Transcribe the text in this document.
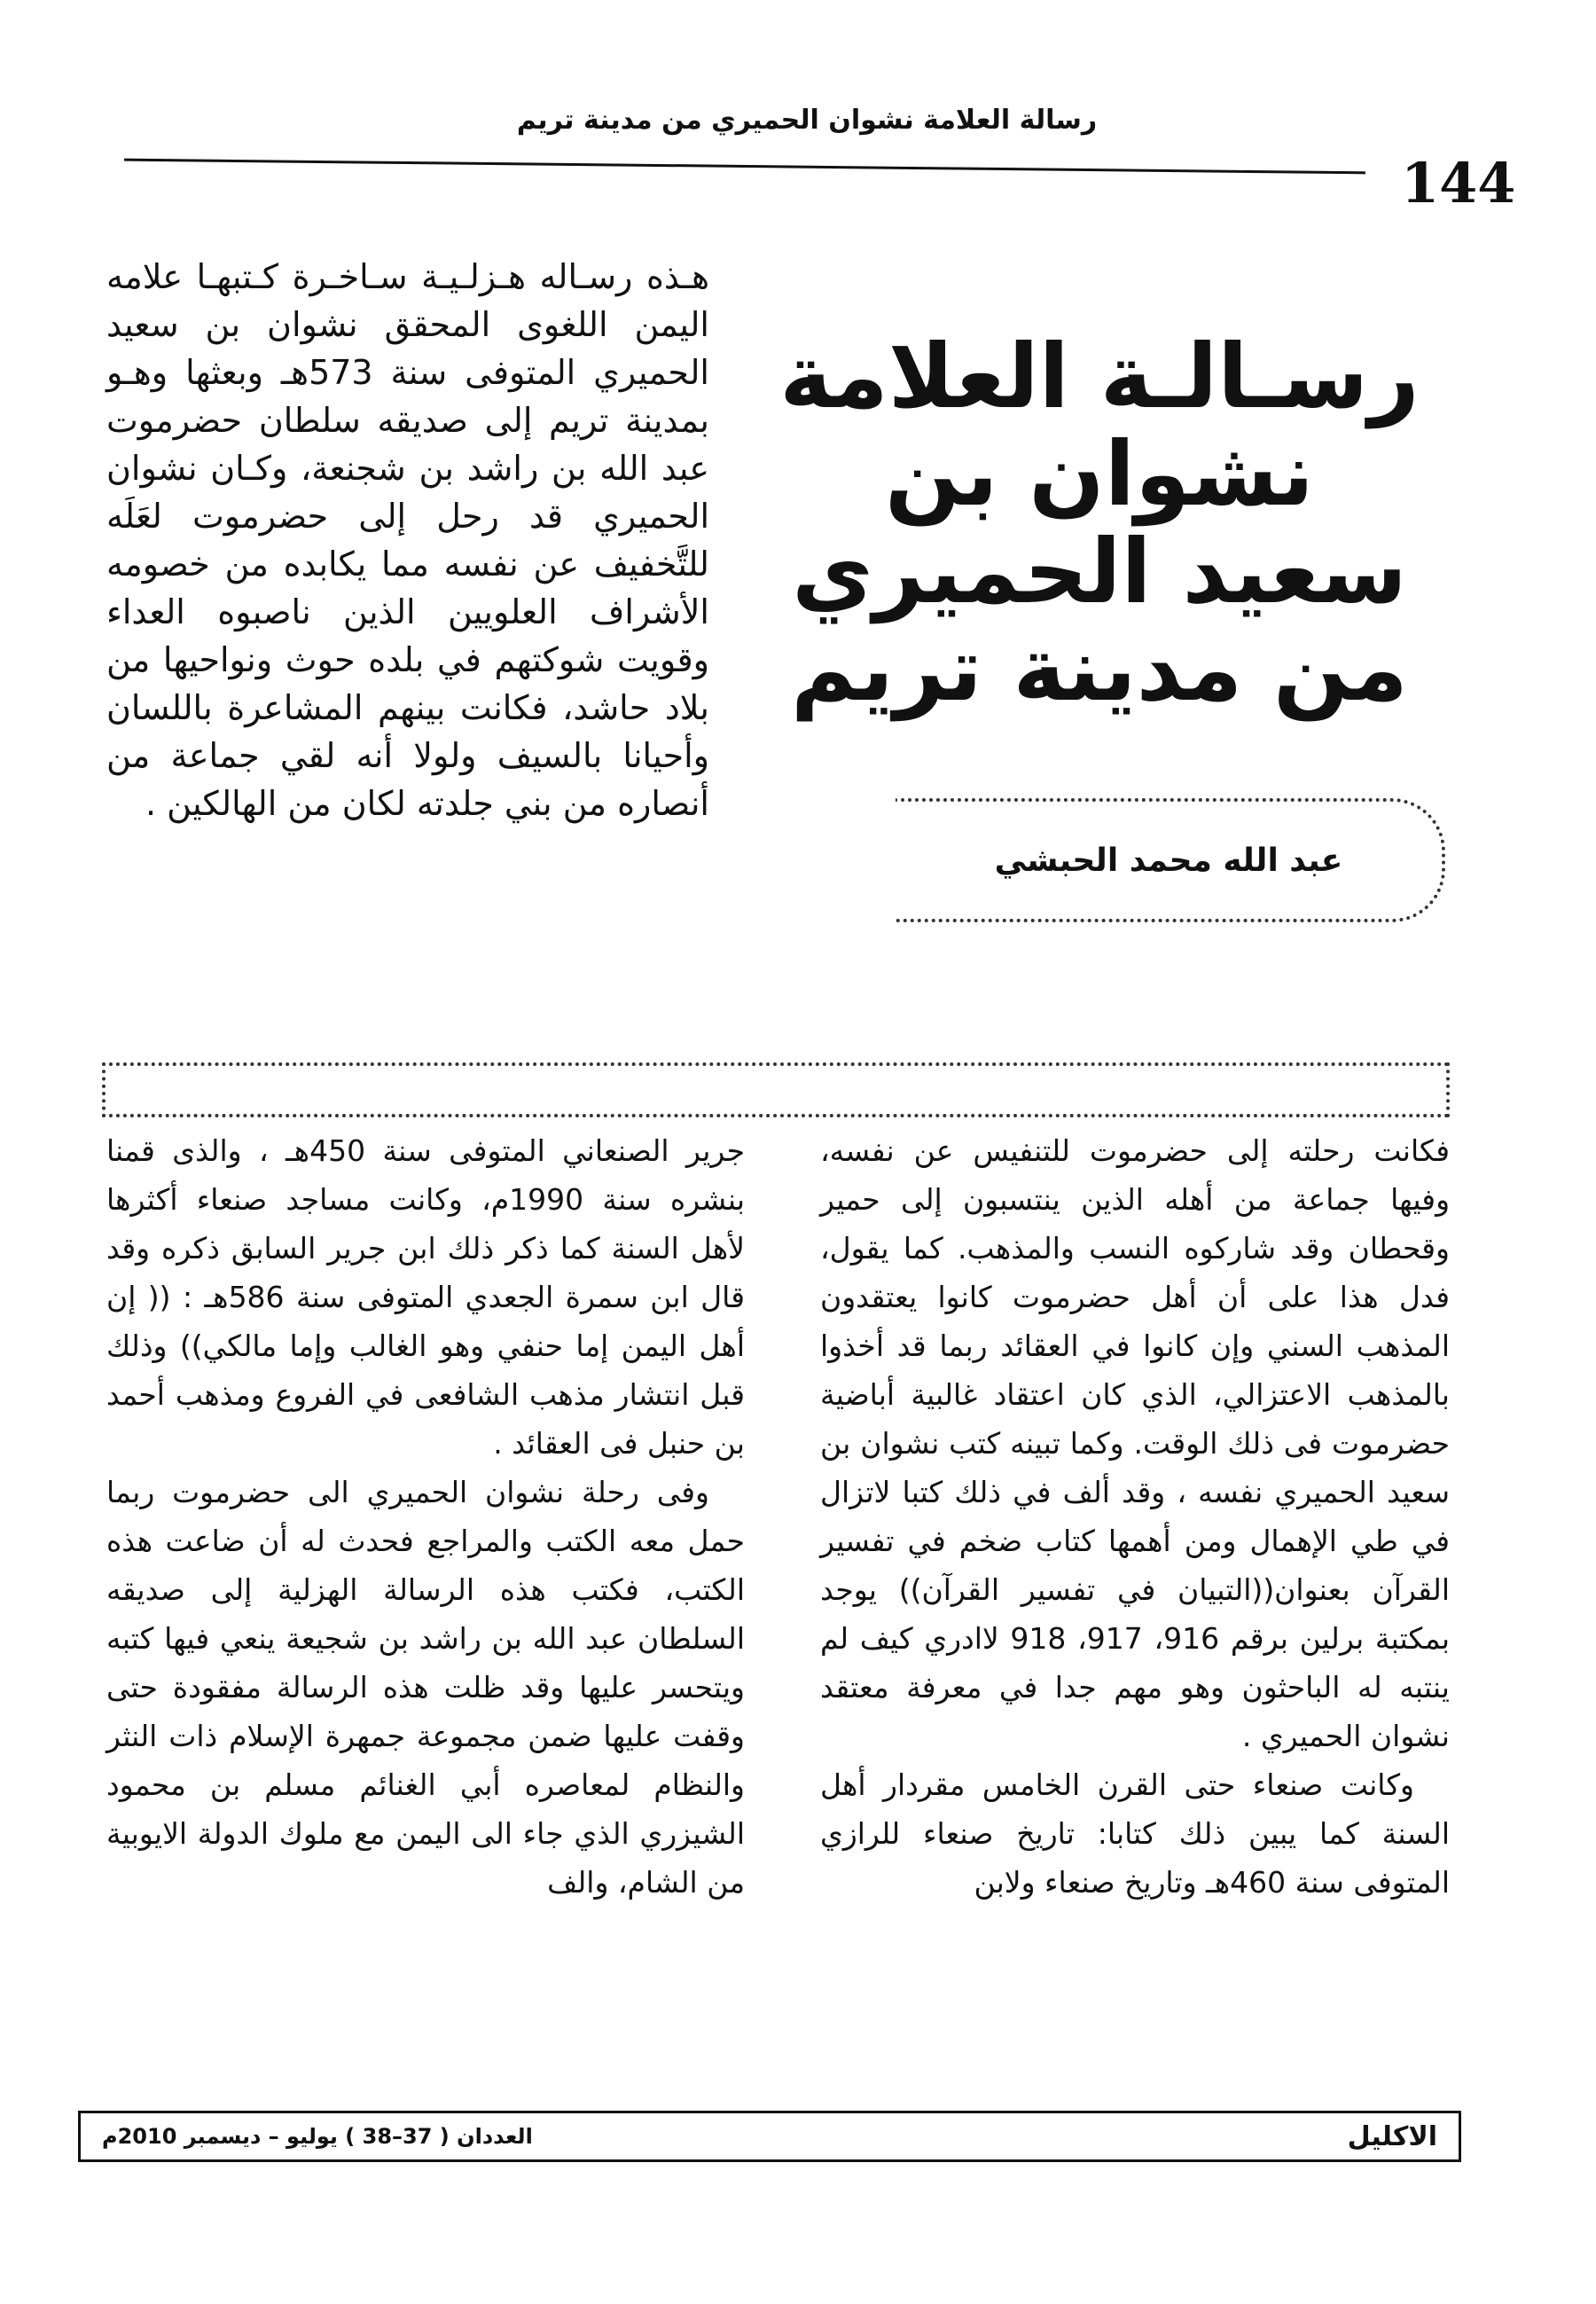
رسالة العلامة نشوان الحميري من مدينة تريم
144
رسـالـة العلامة
نشوان بن سعيد الحميري
من مدينة تريم
عبد الله محمد الحبشي
هـذه رسـاله هـزلـيـة سـاخـرة كـتبهـا علامه اليمن اللغوى المحقق نشوان بن سعيد الحميري المتوفى سنة 573هـ وبعثها وهـو بمدينة تريم إلى صديقه سلطان حضرموت عبد الله بن راشد بن شجنعة، وكـان نشوان الحميري قد رحل إلى حضرموت لعَلَه للتَّخفيف عن نفسه مما يكابده من خصومه الأشراف العلويين الذين ناصبوه العداء وقويت شوكتهم في بلده حوث ونواحيها من بلاد حاشد، فكانت بينهم المشاعرة باللسان وأحيانا بالسيف ولولا أنه لقي جماعة من أنصاره من بني جلدته لكان من الهالكين .

فكانت رحلته إلى حضرموت للتنفيس عن نفسه، وفيها جماعة من أهله الذين ينتسبون إلى حمير وقحطان وقد شاركوه النسب والمذهب. كما يقول، فدل هذا على أن أهل حضرموت كانوا يعتقدون المذهب السني وإن كانوا في العقائد ربما قد أخذوا بالمذهب الاعتزالي، الذي كان اعتقاد غالبية أباضية حضرموت فى ذلك الوقت. وكما تبينه كتب نشوان بن سعيد الحميري نفسه ، وقد ألف في ذلك كتبا لاتزال في طي الإهمال ومن أهمها كتاب ضخم في تفسير القرآن بعنوان((التبيان في تفسير القرآن)) يوجد بمكتبة برلين برقم 916، 917، 918 لاادري كيف لم ينتبه له الباحثون وهو مهم جدا في معرفة معتقد نشوان الحميري .

وكانت صنعاء حتى القرن الخامس مقردار أهل السنة كما يبين ذلك كتابا: تاريخ صنعاء للرازي المتوفى سنة 460هـ وتاريخ صنعاء ولابن

جرير الصنعاني المتوفى سنة 450هـ ، والذى قمنا بنشره سنة 1990م، وكانت مساجد صنعاء أكثرها لأهل السنة كما ذكر ذلك ابن جرير السابق ذكره وقد قال ابن سمرة الجعدي المتوفى سنة 586هـ : (( إن أهل اليمن إما حنفي وهو الغالب وإما مالكي)) وذلك قبل انتشار مذهب الشافعى في الفروع ومذهب أحمد بن حنبل فى العقائد .

وفى رحلة نشوان الحميري الى حضرموت ربما حمل معه الكتب والمراجع فحدث له أن ضاعت هذه الكتب، فكتب هذه الرسالة الهزلية إلى صديقه السلطان عبد الله بن راشد بن شجيعة ينعي فيها كتبه ويتحسر عليها وقد ظلت هذه الرسالة مفقودة حتى وقفت عليها ضمن مجموعة جمهرة الإسلام ذات النثر والنظام لمعاصره أبي الغنائم مسلم بن محمود الشيزري الذي جاء الى اليمن مع ملوك الدولة الايوبية من الشام، والف

الاكليل
العددان ( 37–38 ) يوليو – ديسمبر 2010م
